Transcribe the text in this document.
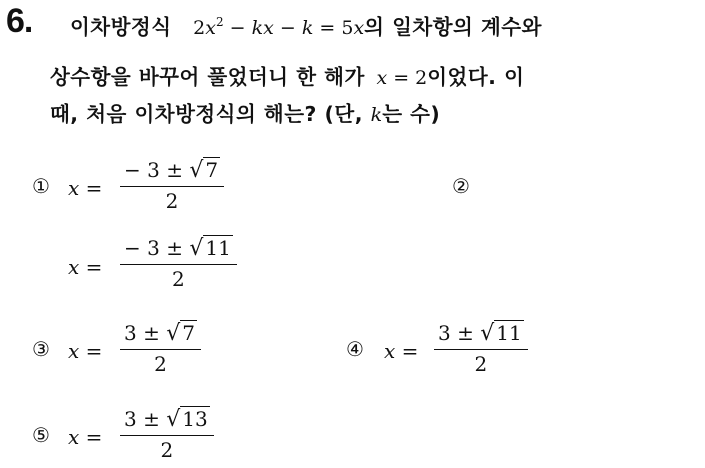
6. 이차방정식 $2x^2$ − kx − k = 5x의 일차항의 계수와
상수항을 바꾸어 풀었더니 한 해가 x = 2이었다. 이
때, 처음 이차방정식의 해는? (단, k는 수)
① x =
− 3 ± √ 7
2
②
x =
− 3 ± √ 11
2
③ x =
3 ± √ 7
2
④ x =
3 ± √ 11
2
⑤ x =
3 ± √ 13
2
